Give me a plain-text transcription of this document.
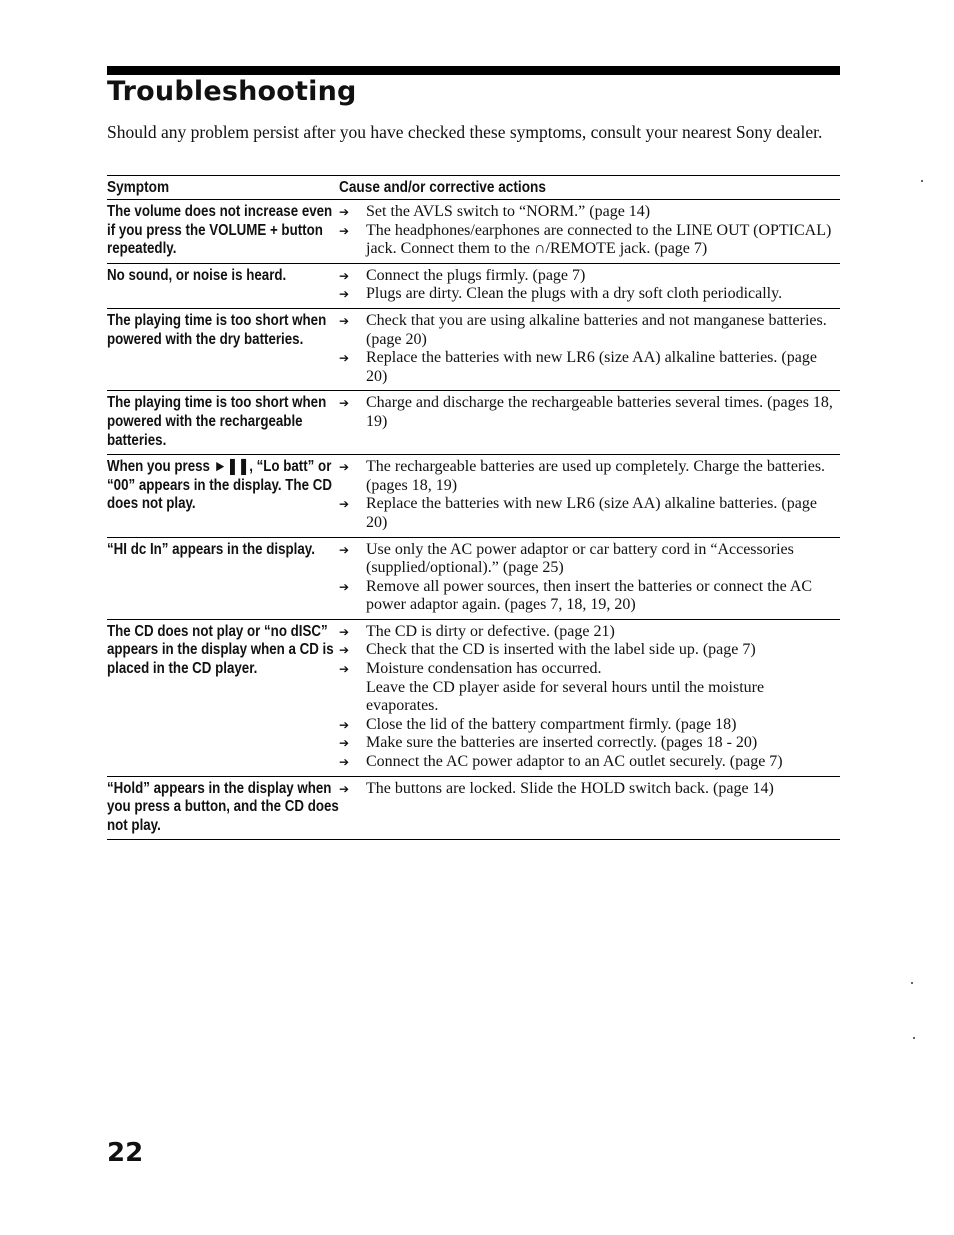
Troubleshooting
Should any problem persist after you have checked these symptoms, consult your nearest Sony dealer.
Symptom	Cause and/or corrective actions
The volume does not increase even if you press the VOLUME + button repeatedly.
➔	Set the AVLS switch to “NORM.” (page 14)
➔	The headphones/earphones are connected to the LINE OUT (OPTICAL) jack. Connect them to the ∩/REMOTE jack. (page 7)
No sound, or noise is heard.	➔	Connect the plugs firmly. (page 7)
➔	Plugs are dirty. Clean the plugs with a dry soft cloth periodically.
The playing time is too short when powered with the dry batteries.
➔	Check that you are using alkaline batteries and not manganese batteries. (page 20)
➔	Replace the batteries with new LR6 (size AA) alkaline batteries. (page 20)
The playing time is too short when powered with the rechargeable batteries.
➔	Charge and discharge the rechargeable batteries several times. (pages 18, 19)
When you press ►❚❚, “Lo batt” or “00” appears in the display. The CD does not play.
➔	The rechargeable batteries are used up completely. Charge the batteries. (pages 18, 19)
➔	Replace the batteries with new LR6 (size AA) alkaline batteries. (page 20)
“HI dc In” appears in the display.	➔	Use only the AC power adaptor or car battery cord in “Accessories (supplied/optional).” (page 25)
➔	Remove all power sources, then insert the batteries or connect the AC power adaptor again. (pages 7, 18, 19, 20)
The CD does not play or “no dISC” appears in the display when a CD is placed in the CD player.
➔	The CD is dirty or defective. (page 21)
➔	Check that the CD is inserted with the label side up. (page 7)
➔	Moisture condensation has occurred.
Leave the CD player aside for several hours until the moisture evaporates.
➔	Close the lid of the battery compartment firmly. (page 18)
➔	Make sure the batteries are inserted correctly. (pages 18 - 20)
➔	Connect the AC power adaptor to an AC outlet securely. (page 7)
“Hold” appears in the display when you press a button, and the CD does not play.
➔	The buttons are locked. Slide the HOLD switch back. (page 14)
22
